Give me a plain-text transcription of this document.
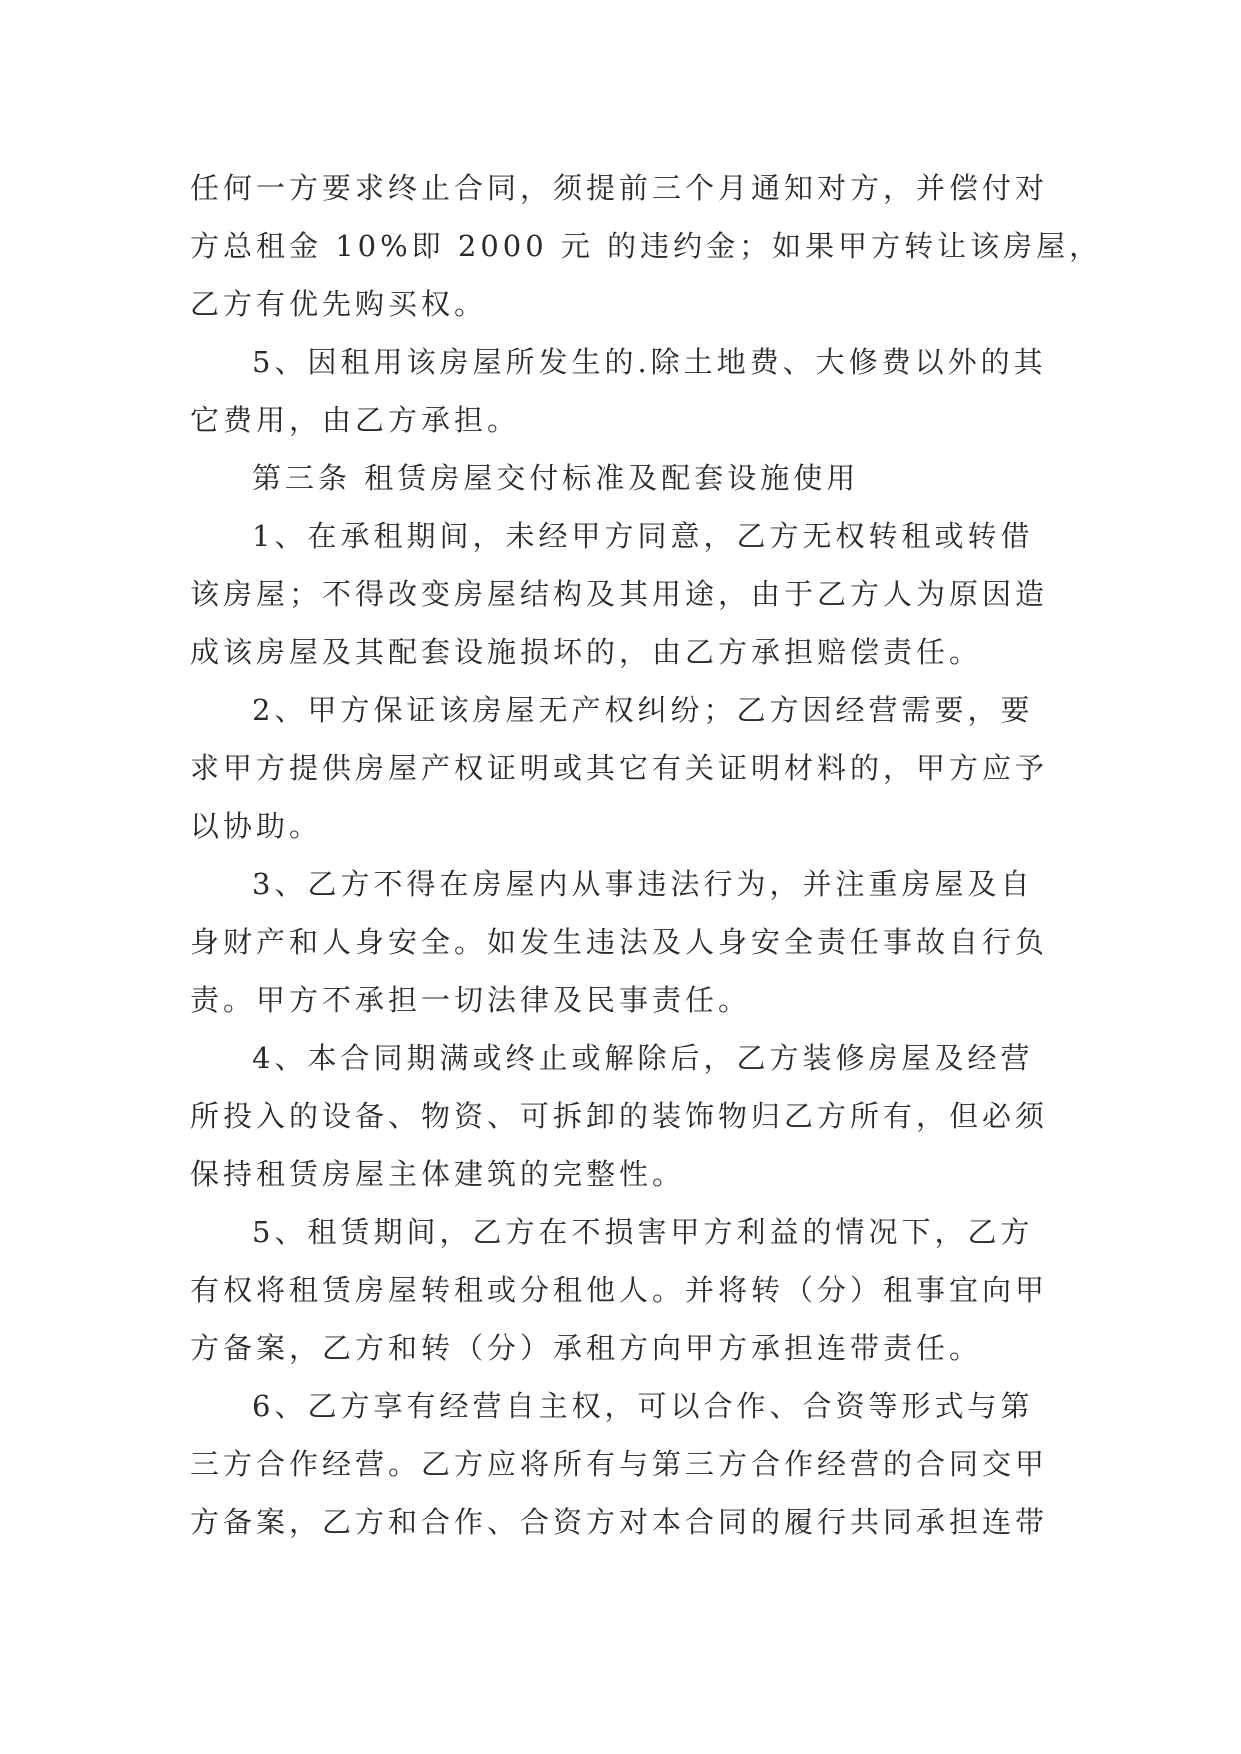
任何一方要求终止合同，须提前三个月通知对方，并偿付对
方总租金 10%即 2000 元 的违约金；如果甲方转让该房屋，
乙方有优先购买权。
5、因租用该房屋所发生的.除土地费、大修费以外的其
它费用，由乙方承担。
第三条 租赁房屋交付标准及配套设施使用
1、在承租期间，未经甲方同意，乙方无权转租或转借
该房屋；不得改变房屋结构及其用途，由于乙方人为原因造
成该房屋及其配套设施损坏的，由乙方承担赔偿责任。
2、甲方保证该房屋无产权纠纷；乙方因经营需要，要
求甲方提供房屋产权证明或其它有关证明材料的，甲方应予
以协助。
3、乙方不得在房屋内从事违法行为，并注重房屋及自
身财产和人身安全。如发生违法及人身安全责任事故自行负
责。甲方不承担一切法律及民事责任。
4、本合同期满或终止或解除后，乙方装修房屋及经营
所投入的设备、物资、可拆卸的装饰物归乙方所有，但必须
保持租赁房屋主体建筑的完整性。
5、租赁期间，乙方在不损害甲方利益的情况下，乙方
有权将租赁房屋转租或分租他人。并将转（分）租事宜向甲
方备案，乙方和转（分）承租方向甲方承担连带责任。
6、乙方享有经营自主权，可以合作、合资等形式与第
三方合作经营。乙方应将所有与第三方合作经营的合同交甲
方备案，乙方和合作、合资方对本合同的履行共同承担连带
